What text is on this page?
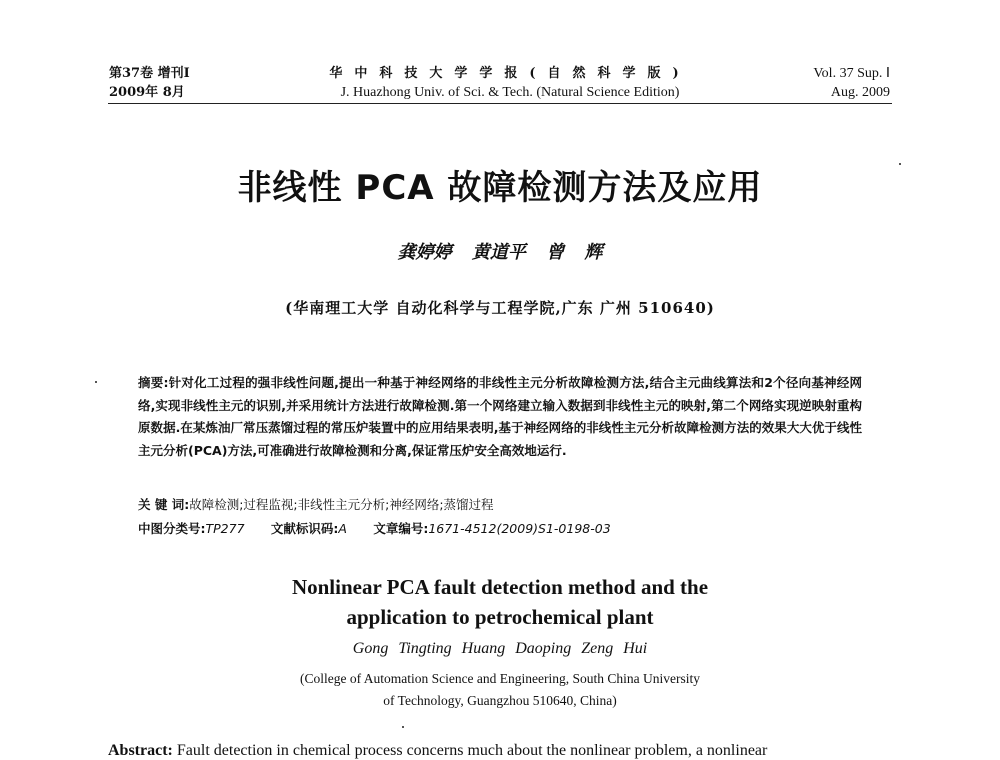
第37卷 增刊Ⅰ
2009年 8月
华中科技大学学报(自然科学版)
J. Huazhong Univ. of Sci. & Tech. (Natural Science Edition)
Vol. 37 Sup. Ⅰ
Aug. 2009
非线性 PCA 故障检测方法及应用
龚婷婷 黄道平 曾 辉
(华南理工大学 自动化科学与工程学院,广东 广州 510640)
摘要:针对化工过程的强非线性问题,提出一种基于神经网络的非线性主元分析故障检测方法,结合主元曲线算法和2个径向基神经网络,实现非线性主元的识别,并采用统计方法进行故障检测.第一个网络建立输入数据到非线性主元的映射,第二个网络实现逆映射重构原数据.在某炼油厂常压蒸馏过程的常压炉装置中的应用结果表明,基于神经网络的非线性主元分析故障检测方法的效果大大优于线性主元分析(PCA)方法,可准确进行故障检测和分离,保证常压炉安全高效地运行.
关 键 词:故障检测;过程监视;非线性主元分析;神经网络;蒸馏过程
中图分类号:TP277 文献标识码:A 文章编号:1671-4512(2009)S1-0198-03
Nonlinear PCA fault detection method and the
application to petrochemical plant
Gong Tingting Huang Daoping Zeng Hui
(College of Automation Science and Engineering, South China University
of Technology, Guangzhou 510640, China)
Abstract: Fault detection in chemical process concerns much about the nonlinear problem, a nonlinear
